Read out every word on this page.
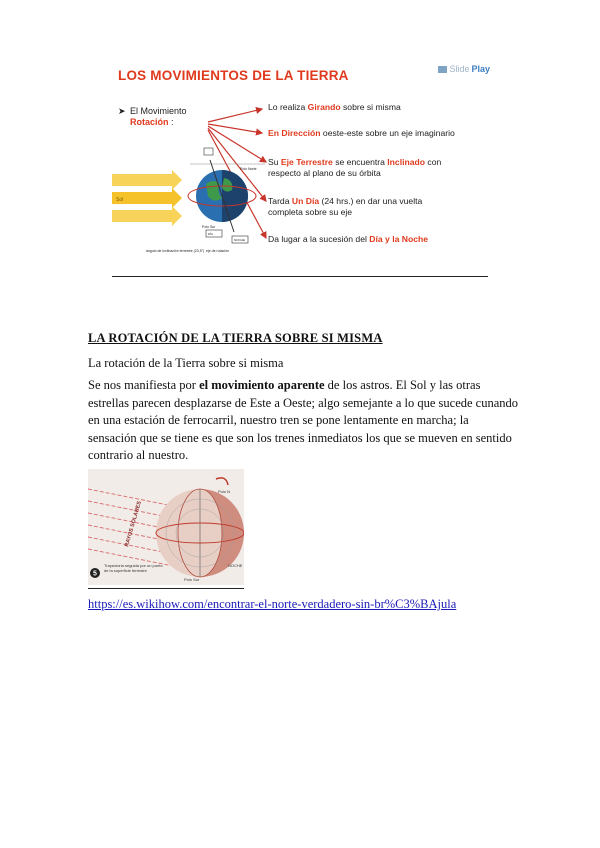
LOS MOVIMIENTOS DE LA TIERRA	Slide Play
➤ El Movimiento
Rotación :
Lo realiza Girando sobre si misma
En Dirección oeste-este sobre un eje imaginario
Su Eje Terrestre se encuentra Inclinado con respecto al plano de su órbita
Tarda Un Día (24 hrs.) en dar una vuelta completa sobre su eje
Da lugar a la sucesión del Día y la Noche
Sol
DÍA
NOCHE
Polo Norte
Polo Sur
eje de rotación
ángulo de inclinación terrestre (23,5°)
LA ROTACIÓN DE LA TIERRA SOBRE SI MISMA

La rotación de la Tierra sobre si misma

Se nos manifiesta por el movimiento aparente de los astros. El Sol y las otras estrellas parecen desplazarse de Este a Oeste; algo semejante a lo que sucede cunando en una estación de ferrocarril, nuestro tren se pone lentamente en marcha; la sensación que se tiene es que son los trenes inmediatos los que se mueven en sentido contrario al nuestro.

RAYOS SOLARES
Polo N
Polo Sur
NOCHE
5
Trayectoria seguida por un punto de la superficie terrestre
https://es.wikihow.com/encontrar-el-norte-verdadero-sin-br%C3%BAjula
